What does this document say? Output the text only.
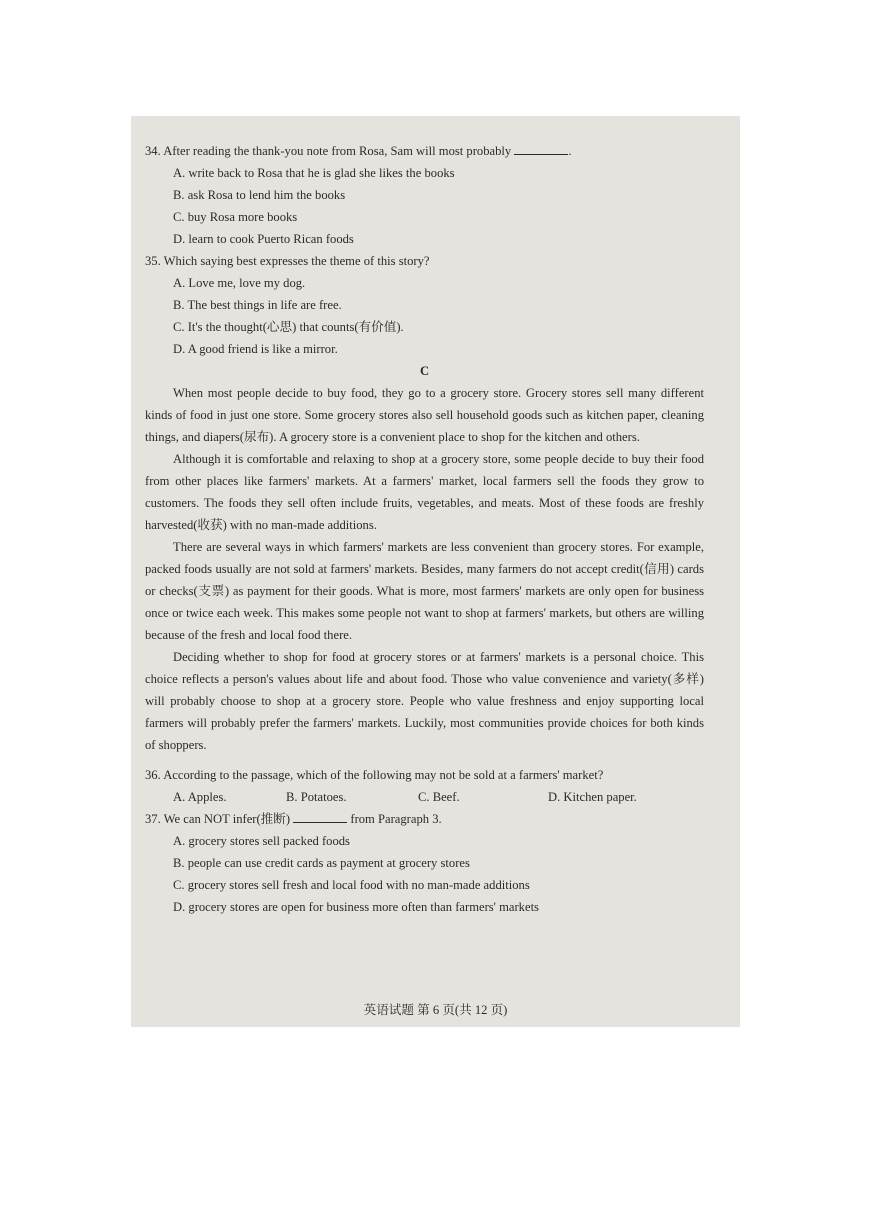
34. After reading the thank-you note from Rosa, Sam will most probably	.

A. write back to Rosa that he is glad she likes the books

B. ask Rosa to lend him the books

C. buy Rosa more books

D. learn to cook Puerto Rican foods

35. Which saying best expresses the theme of this story?

A. Love me, love my dog.

B. The best things in life are free.

C. It's the thought(心思) that counts(有价值).

D. A good friend is like a mirror.

C

When most people decide to buy food, they go to a grocery store. Grocery stores sell many different kinds of food in just one store. Some grocery stores also sell household goods such as kitchen paper, cleaning things, and diapers(尿布). A grocery store is a convenient place to shop for the kitchen and others.

Although it is comfortable and relaxing to shop at a grocery store, some people decide to buy their food from other places like farmers' markets. At a farmers' market, local farmers sell the foods they grow to customers. The foods they sell often include fruits, vegetables, and meats. Most of these foods are freshly harvested(收获) with no man-made additions.

There are several ways in which farmers' markets are less convenient than grocery stores. For example, packed foods usually are not sold at farmers' markets. Besides, many farmers do not accept credit(信用) cards or checks(支票) as payment for their goods. What is more, most farmers' markets are only open for business once or twice each week. This makes some people not want to shop at farmers' markets, but others are willing because of the fresh and local food there.

Deciding whether to shop for food at grocery stores or at farmers' markets is a personal choice. This choice reflects a person's values about life and about food. Those who value convenience and variety(多样) will probably choose to shop at a grocery store. People who value freshness and enjoy supporting local farmers will probably prefer the farmers' markets. Luckily, most communities provide choices for both kinds of shoppers.

36. According to the passage, which of the following may not be sold at a farmers' market?

A. Apples.	B. Potatoes.	C. Beef.	D. Kitchen paper.

37. We can NOT infer(推断)	from Paragraph 3.

A. grocery stores sell packed foods

B. people can use credit cards as payment at grocery stores

C. grocery stores sell fresh and local food with no man-made additions

D. grocery stores are open for business more often than farmers' markets

英语试题 第 6 页(共 12 页)
